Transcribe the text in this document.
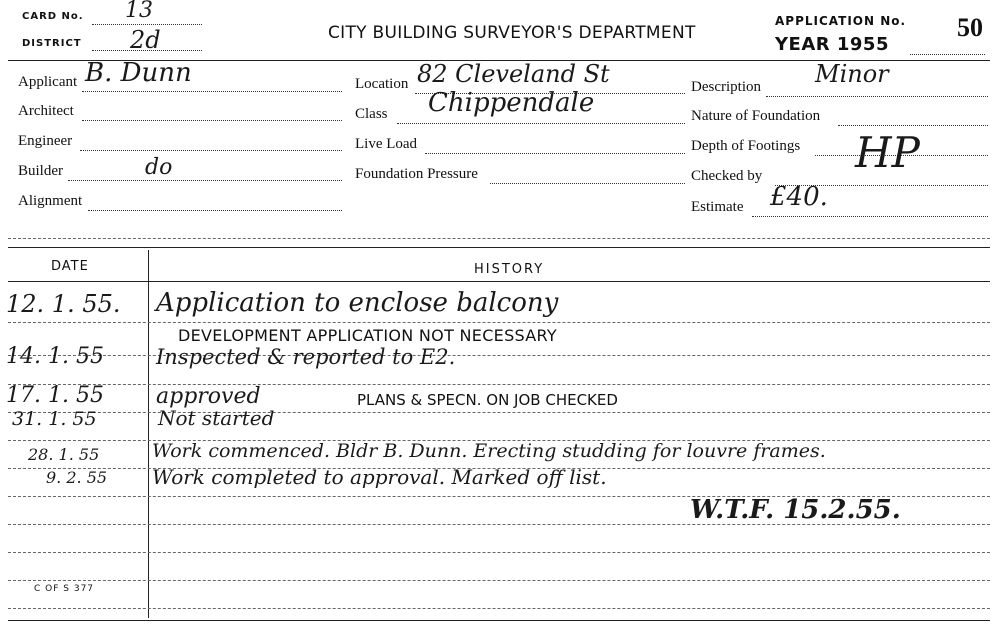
CARD No. 13
DISTRICT 2d	CITY BUILDING SURVEYOR'S DEPARTMENT
APPLICATION No. 50
YEAR 1955
Applicant B. Dunn
Architect
Engineer
Builder	do
Alignment
Location 82 Cleveland St
Class Chippendale
Live Load
Foundation Pressure
Description Minor
Nature of Foundation
Depth of Footings
Checked by HP
Estimate £40.
DATE	HISTORY
12. 1. 55. Application to enclose balcony
DEVELOPMENT APPLICATION NOT NECESSARY
14. 1. 55 Inspected & reported to E2.
17. 1. 55 approved	PLANS & SPECN. ON JOB CHECKED
31. 1. 55	Not started
28. 1. 55	Work commenced. Bldr B. Dunn. Erecting studding for louvre frames.
9. 2. 55 Work completed to approval. Marked off list.
W.T.F. 15.2.55.
C OF S 377
